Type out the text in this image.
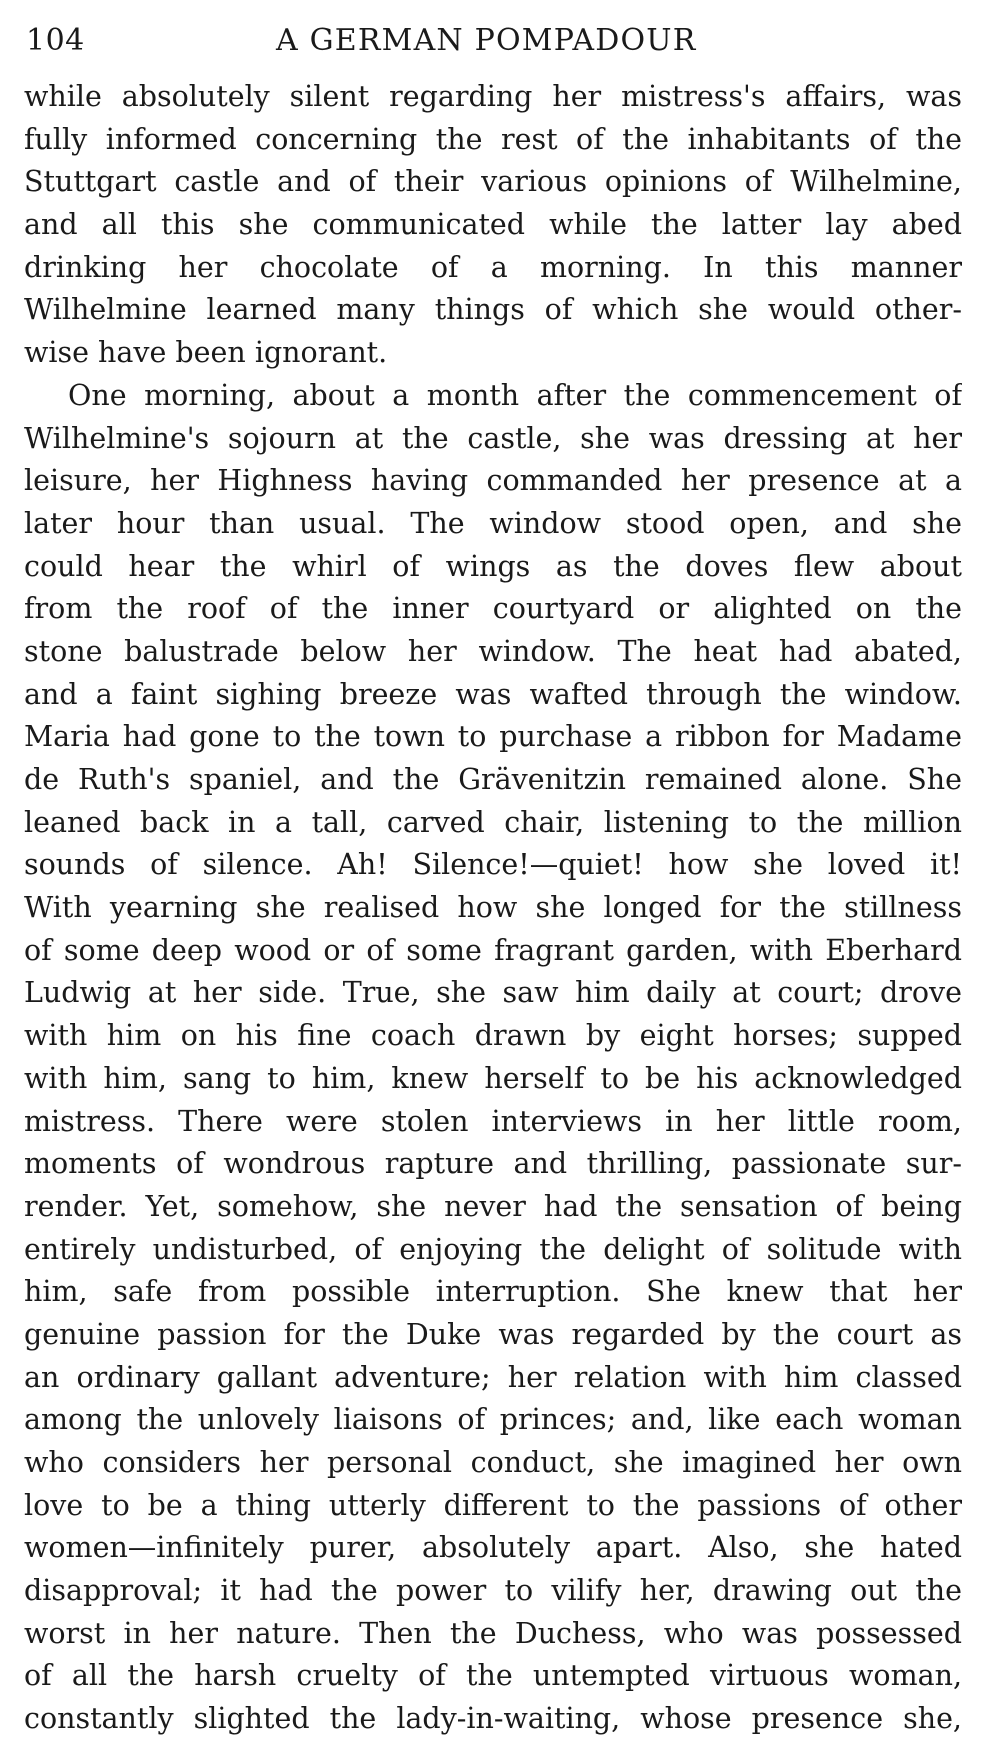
104	A GERMAN POMPADOUR
while absolutely silent regarding her mistress's affairs, was
fully informed concerning the rest of the inhabitants of the
Stuttgart castle and of their various opinions of Wilhelmine,
and all this she communicated while the latter lay abed
drinking her chocolate of a morning. In this manner
Wilhelmine learned many things of which she would other-
wise have been ignorant.
One morning, about a month after the commencement of
Wilhelmine's sojourn at the castle, she was dressing at her
leisure, her Highness having commanded her presence at a
later hour than usual. The window stood open, and she
could hear the whirl of wings as the doves flew about
from the roof of the inner courtyard or alighted on the
stone balustrade below her window. The heat had abated,
and a faint sighing breeze was wafted through the window.
Maria had gone to the town to purchase a ribbon for Madame
de Ruth's spaniel, and the Grävenitzin remained alone. She
leaned back in a tall, carved chair, listening to the million
sounds of silence. Ah! Silence!—quiet! how she loved it!
With yearning she realised how she longed for the stillness
of some deep wood or of some fragrant garden, with Eberhard
Ludwig at her side. True, she saw him daily at court; drove
with him on his fine coach drawn by eight horses; supped
with him, sang to him, knew herself to be his acknowledged
mistress. There were stolen interviews in her little room,
moments of wondrous rapture and thrilling, passionate sur-
render. Yet, somehow, she never had the sensation of being
entirely undisturbed, of enjoying the delight of solitude with
him, safe from possible interruption. She knew that her
genuine passion for the Duke was regarded by the court as
an ordinary gallant adventure; her relation with him classed
among the unlovely liaisons of princes; and, like each woman
who considers her personal conduct, she imagined her own
love to be a thing utterly different to the passions of other
women—infinitely purer, absolutely apart. Also, she hated
disapproval; it had the power to vilify her, drawing out the
worst in her nature. Then the Duchess, who was possessed
of all the harsh cruelty of the untempted virtuous woman,
constantly slighted the lady-in-waiting, whose presence she,
